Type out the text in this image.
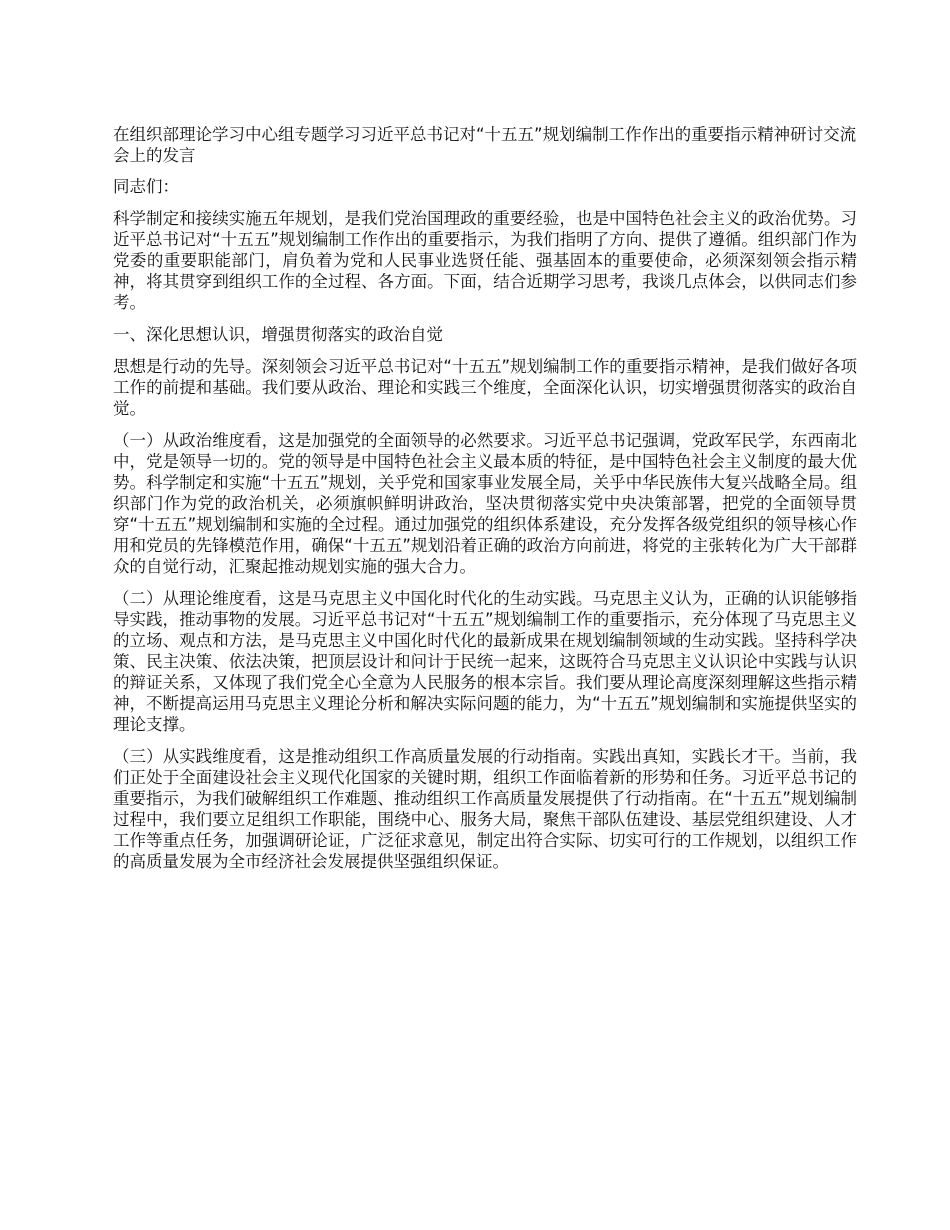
在组织部理论学习中心组专题学习习近平总书记对“十五五”规划编制工作作出的重要指示精神研讨交流会上的发言
同志们：
科学制定和接续实施五年规划，是我们党治国理政的重要经验，也是中国特色社会主义的政治优势。习近平总书记对“十五五”规划编制工作作出的重要指示，为我们指明了方向、提供了遵循。组织部门作为党委的重要职能部门，肩负着为党和人民事业选贤任能、强基固本的重要使命，必须深刻领会指示精神，将其贯穿到组织工作的全过程、各方面。下面，结合近期学习思考，我谈几点体会，以供同志们参考。
一、深化思想认识，增强贯彻落实的政治自觉
思想是行动的先导。深刻领会习近平总书记对“十五五”规划编制工作的重要指示精神，是我们做好各项工作的前提和基础。我们要从政治、理论和实践三个维度，全面深化认识，切实增强贯彻落实的政治自觉。
（一）从政治维度看，这是加强党的全面领导的必然要求。习近平总书记强调，党政军民学，东西南北中，党是领导一切的。党的领导是中国特色社会主义最本质的特征，是中国特色社会主义制度的最大优势。科学制定和实施“十五五”规划，关乎党和国家事业发展全局，关乎中华民族伟大复兴战略全局。组织部门作为党的政治机关，必须旗帜鲜明讲政治，坚决贯彻落实党中央决策部署，把党的全面领导贯穿“十五五”规划编制和实施的全过程。通过加强党的组织体系建设，充分发挥各级党组织的领导核心作用和党员的先锋模范作用，确保“十五五”规划沿着正确的政治方向前进，将党的主张转化为广大干部群众的自觉行动，汇聚起推动规划实施的强大合力。
（二）从理论维度看，这是马克思主义中国化时代化的生动实践。马克思主义认为，正确的认识能够指导实践，推动事物的发展。习近平总书记对“十五五”规划编制工作的重要指示，充分体现了马克思主义的立场、观点和方法，是马克思主义中国化时代化的最新成果在规划编制领域的生动实践。坚持科学决策、民主决策、依法决策，把顶层设计和问计于民统一起来，这既符合马克思主义认识论中实践与认识的辩证关系，又体现了我们党全心全意为人民服务的根本宗旨。我们要从理论高度深刻理解这些指示精神，不断提高运用马克思主义理论分析和解决实际问题的能力，为“十五五”规划编制和实施提供坚实的理论支撑。
（三）从实践维度看，这是推动组织工作高质量发展的行动指南。实践出真知，实践长才干。当前，我们正处于全面建设社会主义现代化国家的关键时期，组织工作面临着新的形势和任务。习近平总书记的重要指示，为我们破解组织工作难题、推动组织工作高质量发展提供了行动指南。在“十五五”规划编制过程中，我们要立足组织工作职能，围绕中心、服务大局，聚焦干部队伍建设、基层党组织建设、人才工作等重点任务，加强调研论证，广泛征求意见，制定出符合实际、切实可行的工作规划，以组织工作的高质量发展为全市经济社会发展提供坚强组织保证。
